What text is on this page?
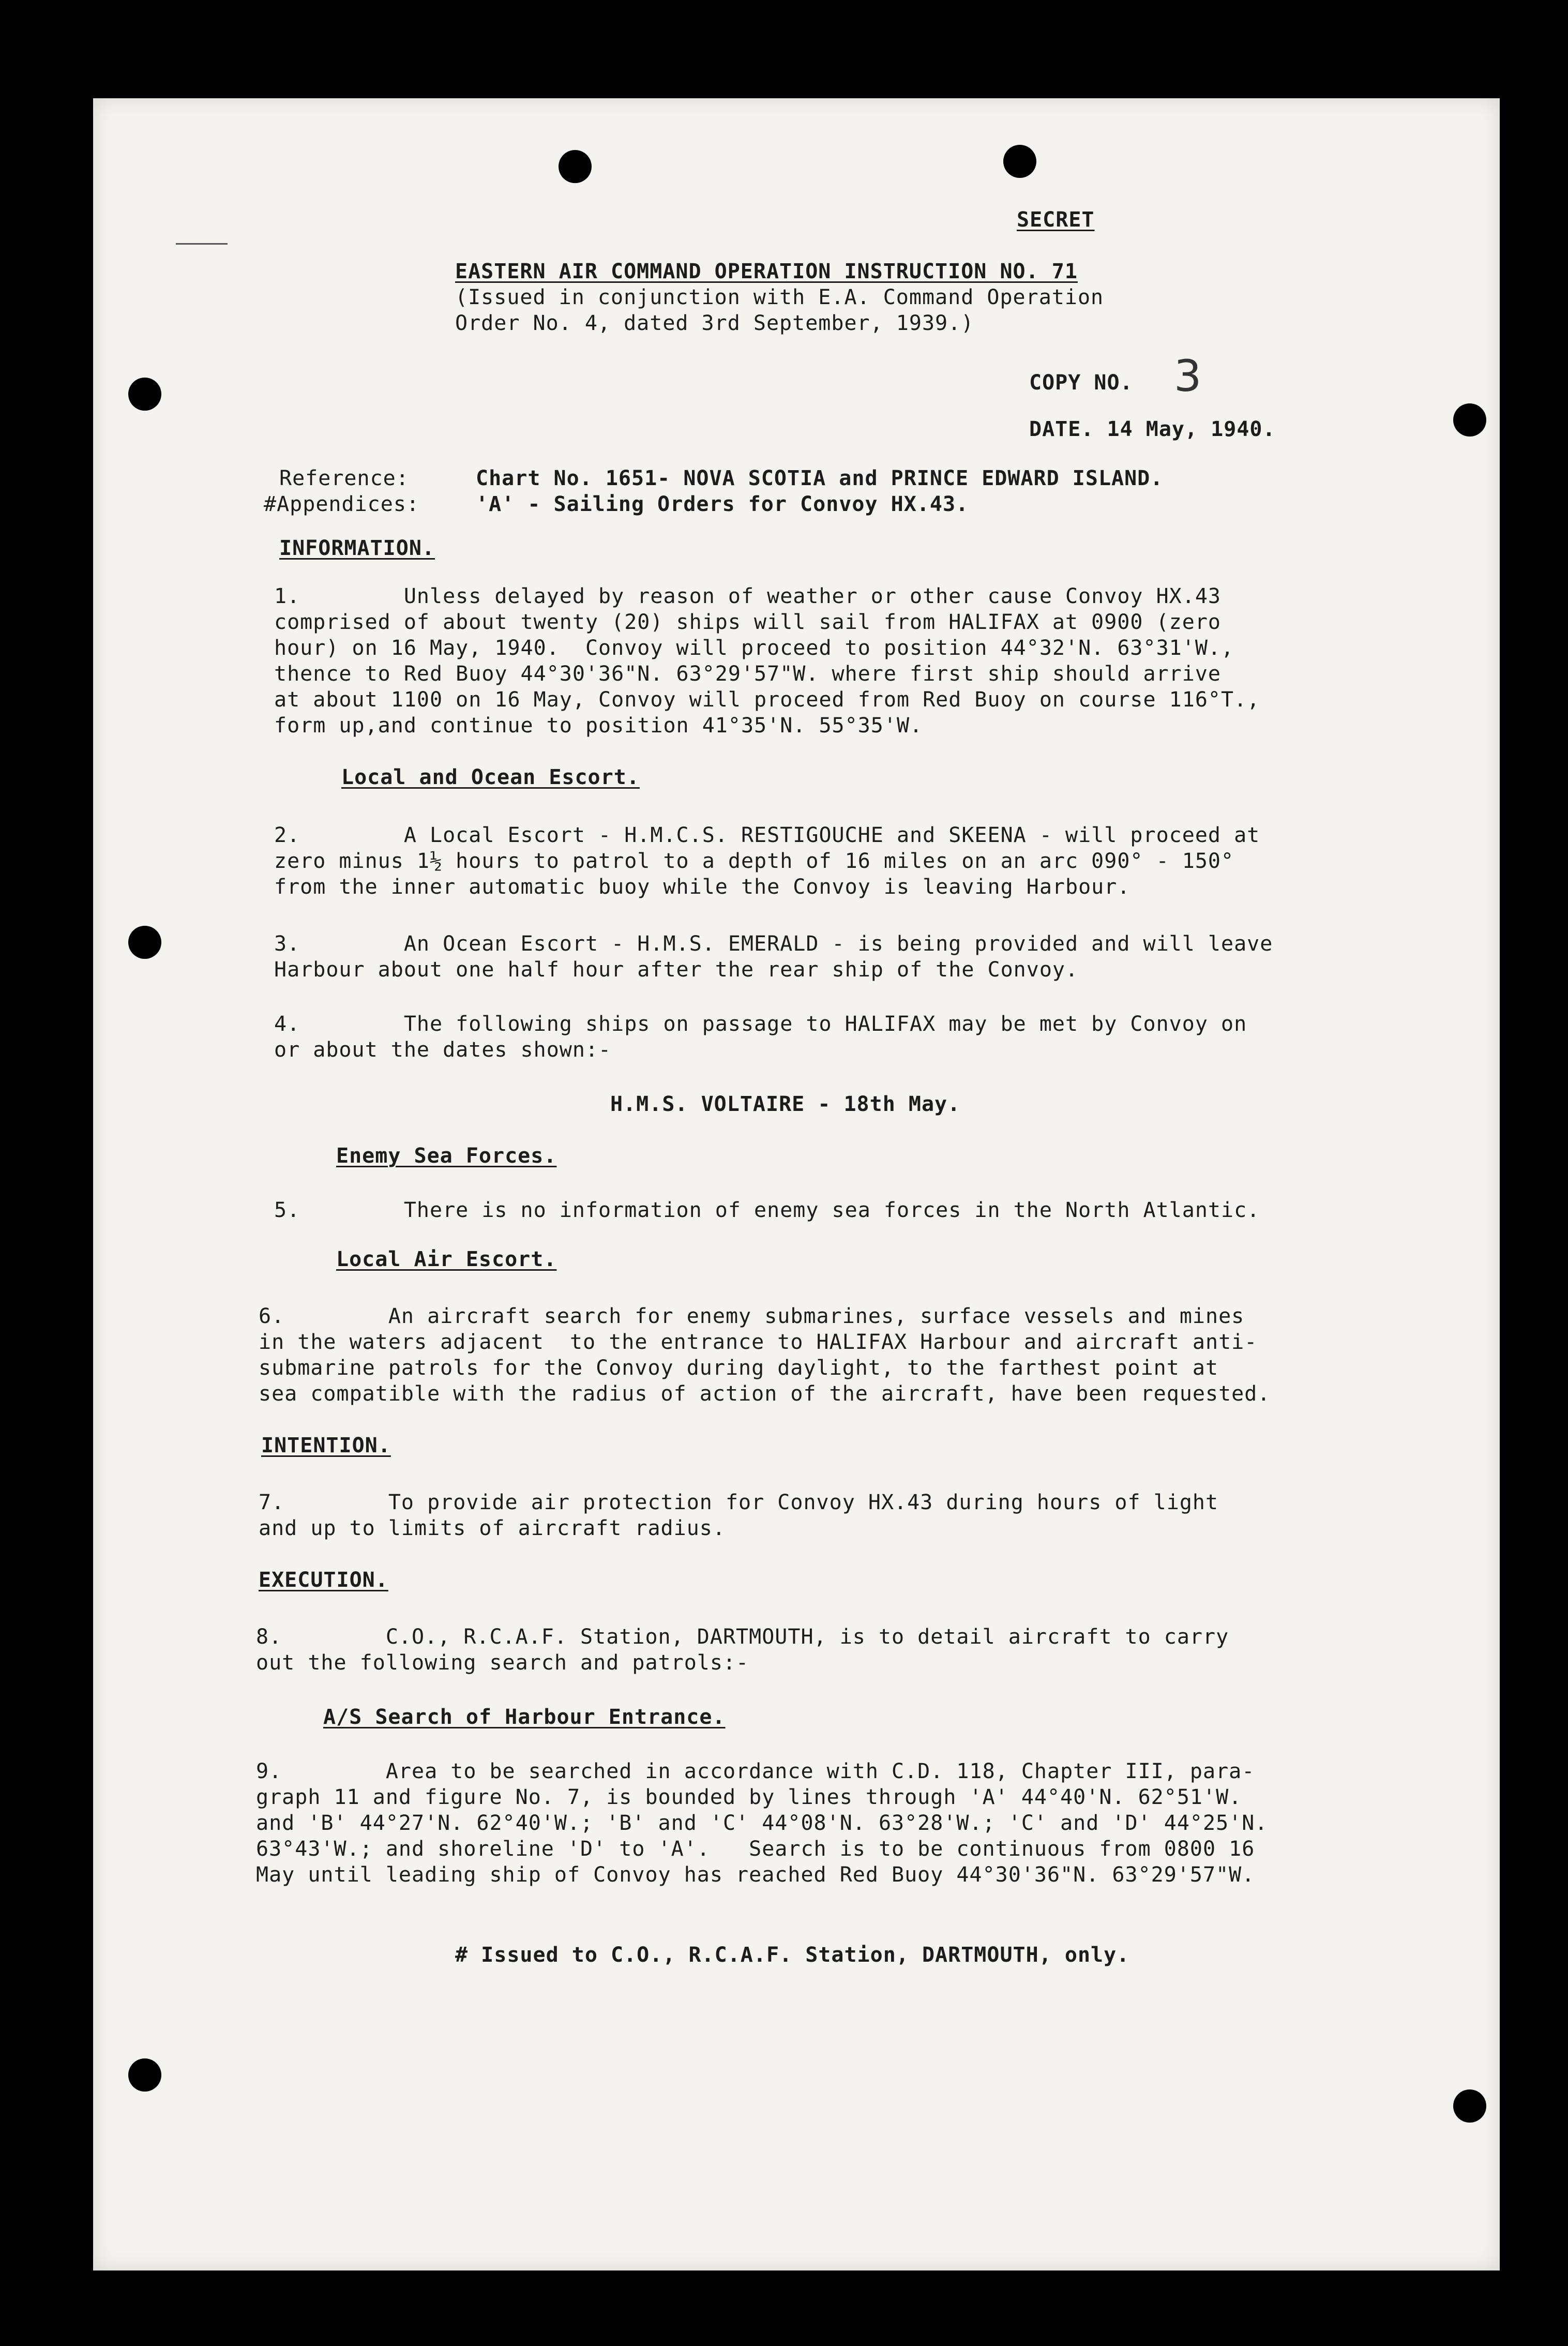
SECRET
EASTERN AIR COMMAND OPERATION INSTRUCTION NO. 71
(Issued in conjunction with E.A. Command Operation
Order No. 4, dated 3rd September, 1939.)
COPY NO. 3
DATE. 14 May, 1940.
Reference:	Chart No. 1651- NOVA SCOTIA and PRINCE EDWARD ISLAND.
#Appendices:	'A' - Sailing Orders for Convoy HX.43.
INFORMATION.
1.        Unless delayed by reason of weather or other cause Convoy HX.43
comprised of about twenty (20) ships will sail from HALIFAX at 0900 (zero
hour) on 16 May, 1940.  Convoy will proceed to position 44°32'N. 63°31'W.,
thence to Red Buoy 44°30'36"N. 63°29'57"W. where first ship should arrive
at about 1100 on 16 May, Convoy will proceed from Red Buoy on course 116°T.,
form up,and continue to position 41°35'N. 55°35'W.
Local and Ocean Escort.
2.        A Local Escort - H.M.C.S. RESTIGOUCHE and SKEENA - will proceed at
zero minus 1½ hours to patrol to a depth of 16 miles on an arc 090° - 150°
from the inner automatic buoy while the Convoy is leaving Harbour.
3.        An Ocean Escort - H.M.S. EMERALD - is being provided and will leave
Harbour about one half hour after the rear ship of the Convoy.
4.        The following ships on passage to HALIFAX may be met by Convoy on
or about the dates shown:-
H.M.S. VOLTAIRE - 18th May.
Enemy Sea Forces.
5.        There is no information of enemy sea forces in the North Atlantic.
Local Air Escort.
6.        An aircraft search for enemy submarines, surface vessels and mines
in the waters adjacent  to the entrance to HALIFAX Harbour and aircraft anti-
submarine patrols for the Convoy during daylight, to the farthest point at
sea compatible with the radius of action of the aircraft, have been requested.
INTENTION.
7.        To provide air protection for Convoy HX.43 during hours of light
and up to limits of aircraft radius.
EXECUTION.
8.        C.O., R.C.A.F. Station, DARTMOUTH, is to detail aircraft to carry
out the following search and patrols:-
A/S Search of Harbour Entrance.
9.        Area to be searched in accordance with C.D. 118, Chapter III, para-
graph 11 and figure No. 7, is bounded by lines through 'A' 44°40'N. 62°51'W.
and 'B' 44°27'N. 62°40'W.; 'B' and 'C' 44°08'N. 63°28'W.; 'C' and 'D' 44°25'N.
63°43'W.; and shoreline 'D' to 'A'.   Search is to be continuous from 0800 16
May until leading ship of Convoy has reached Red Buoy 44°30'36"N. 63°29'57"W.
# Issued to C.O., R.C.A.F. Station, DARTMOUTH, only.
